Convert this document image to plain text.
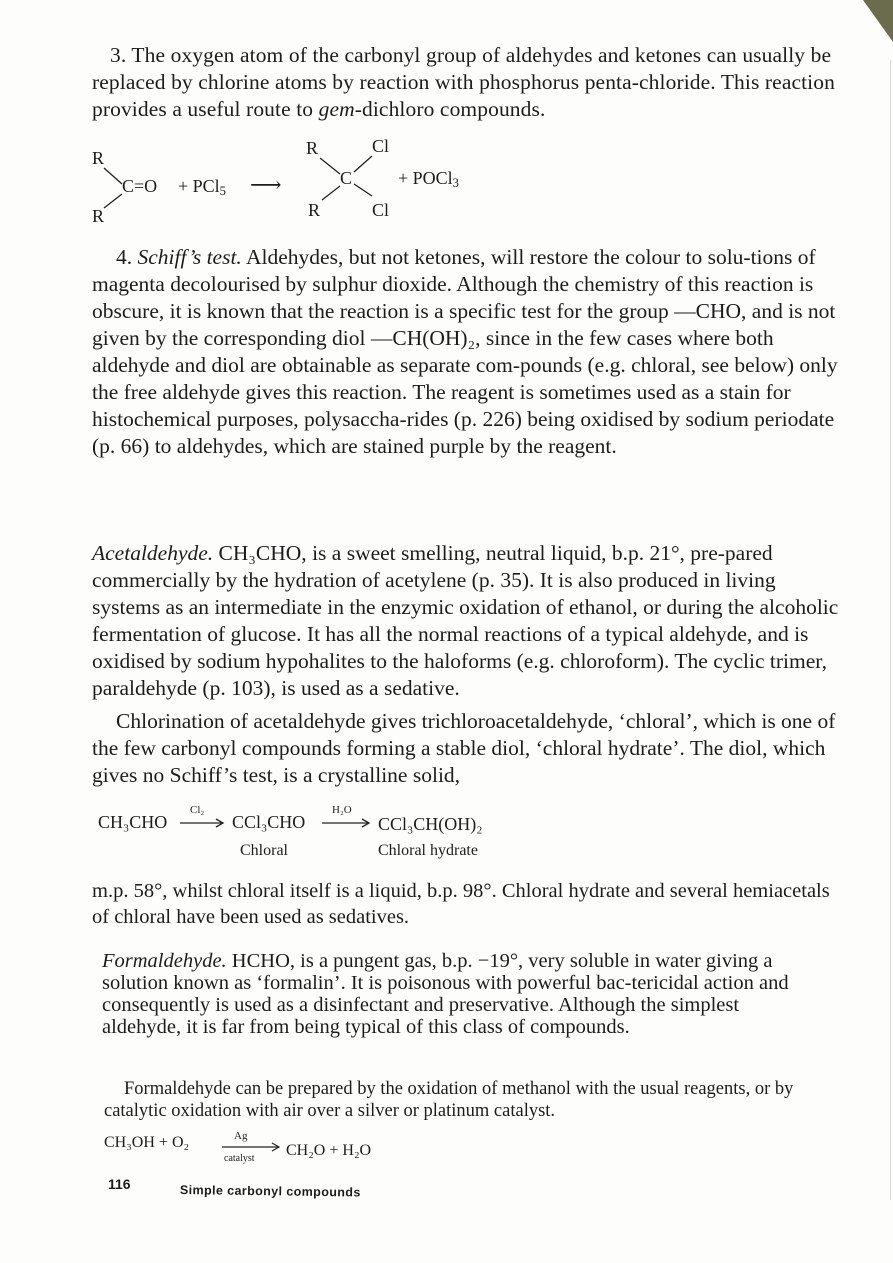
3. The oxygen atom of the carbonyl group of aldehydes and ketones can usually be replaced by chlorine atoms by reaction with phosphorus penta-chloride. This reaction provides a useful route to gem-dichloro compounds.

R
R
C=O + PCl$_5$ ⟶
R	Cl
C
R	Cl
+ POCl$_3$

4. Schiff’s test. Aldehydes, but not ketones, will restore the colour to solu-tions of magenta decolourised by sulphur dioxide. Although the chemistry of this reaction is obscure, it is known that the reaction is a specific test for the group —CHO, and is not given by the corresponding diol —CH(OH)₂, since in the few cases where both aldehyde and diol are obtainable as separate com-pounds (e.g. chloral, see below) only the free aldehyde gives this reaction. The reagent is sometimes used as a stain for histochemical purposes, polysaccha-rides (p. 226) being oxidised by sodium periodate (p. 66) to aldehydes, which are stained purple by the reagent.

Acetaldehyde. CH₃CHO, is a sweet smelling, neutral liquid, b.p. 21°, pre-pared commercially by the hydration of acetylene (p. 35). It is also produced in living systems as an intermediate in the enzymic oxidation of ethanol, or during the alcoholic fermentation of glucose. It has all the normal reactions of a typical aldehyde, and is oxidised by sodium hypohalites to the haloforms (e.g. chloroform). The cyclic trimer, paraldehyde (p. 103), is used as a sedative.

Chlorination of acetaldehyde gives trichloroacetaldehyde, ‘chloral’, which is one of the few carbonyl compounds forming a stable diol, ‘chloral hydrate’. The diol, which gives no Schiff’s test, is a crystalline solid,

CH₃CHO
Cl₂
CCl₃CHO
H₂O
CCl₃CH(OH)₂
Chloral	Chloral hydrate

m.p. 58°, whilst chloral itself is a liquid, b.p. 98°. Chloral hydrate and several hemiacetals of chloral have been used as sedatives.

Formaldehyde. HCHO, is a pungent gas, b.p. −19°, very soluble in water giving a solution known as ‘formalin’. It is poisonous with powerful bac-tericidal action and consequently is used as a disinfectant and preservative. Although the simplest aldehyde, it is far from being typical of this class of compounds.

Formaldehyde can be prepared by the oxidation of methanol with the usual reagents, or by catalytic oxidation with air over a silver or platinum catalyst.

CH₃OH + O₂	Ag
catalyst CH₂O + H₂O
116	Simple carbonyl compounds
